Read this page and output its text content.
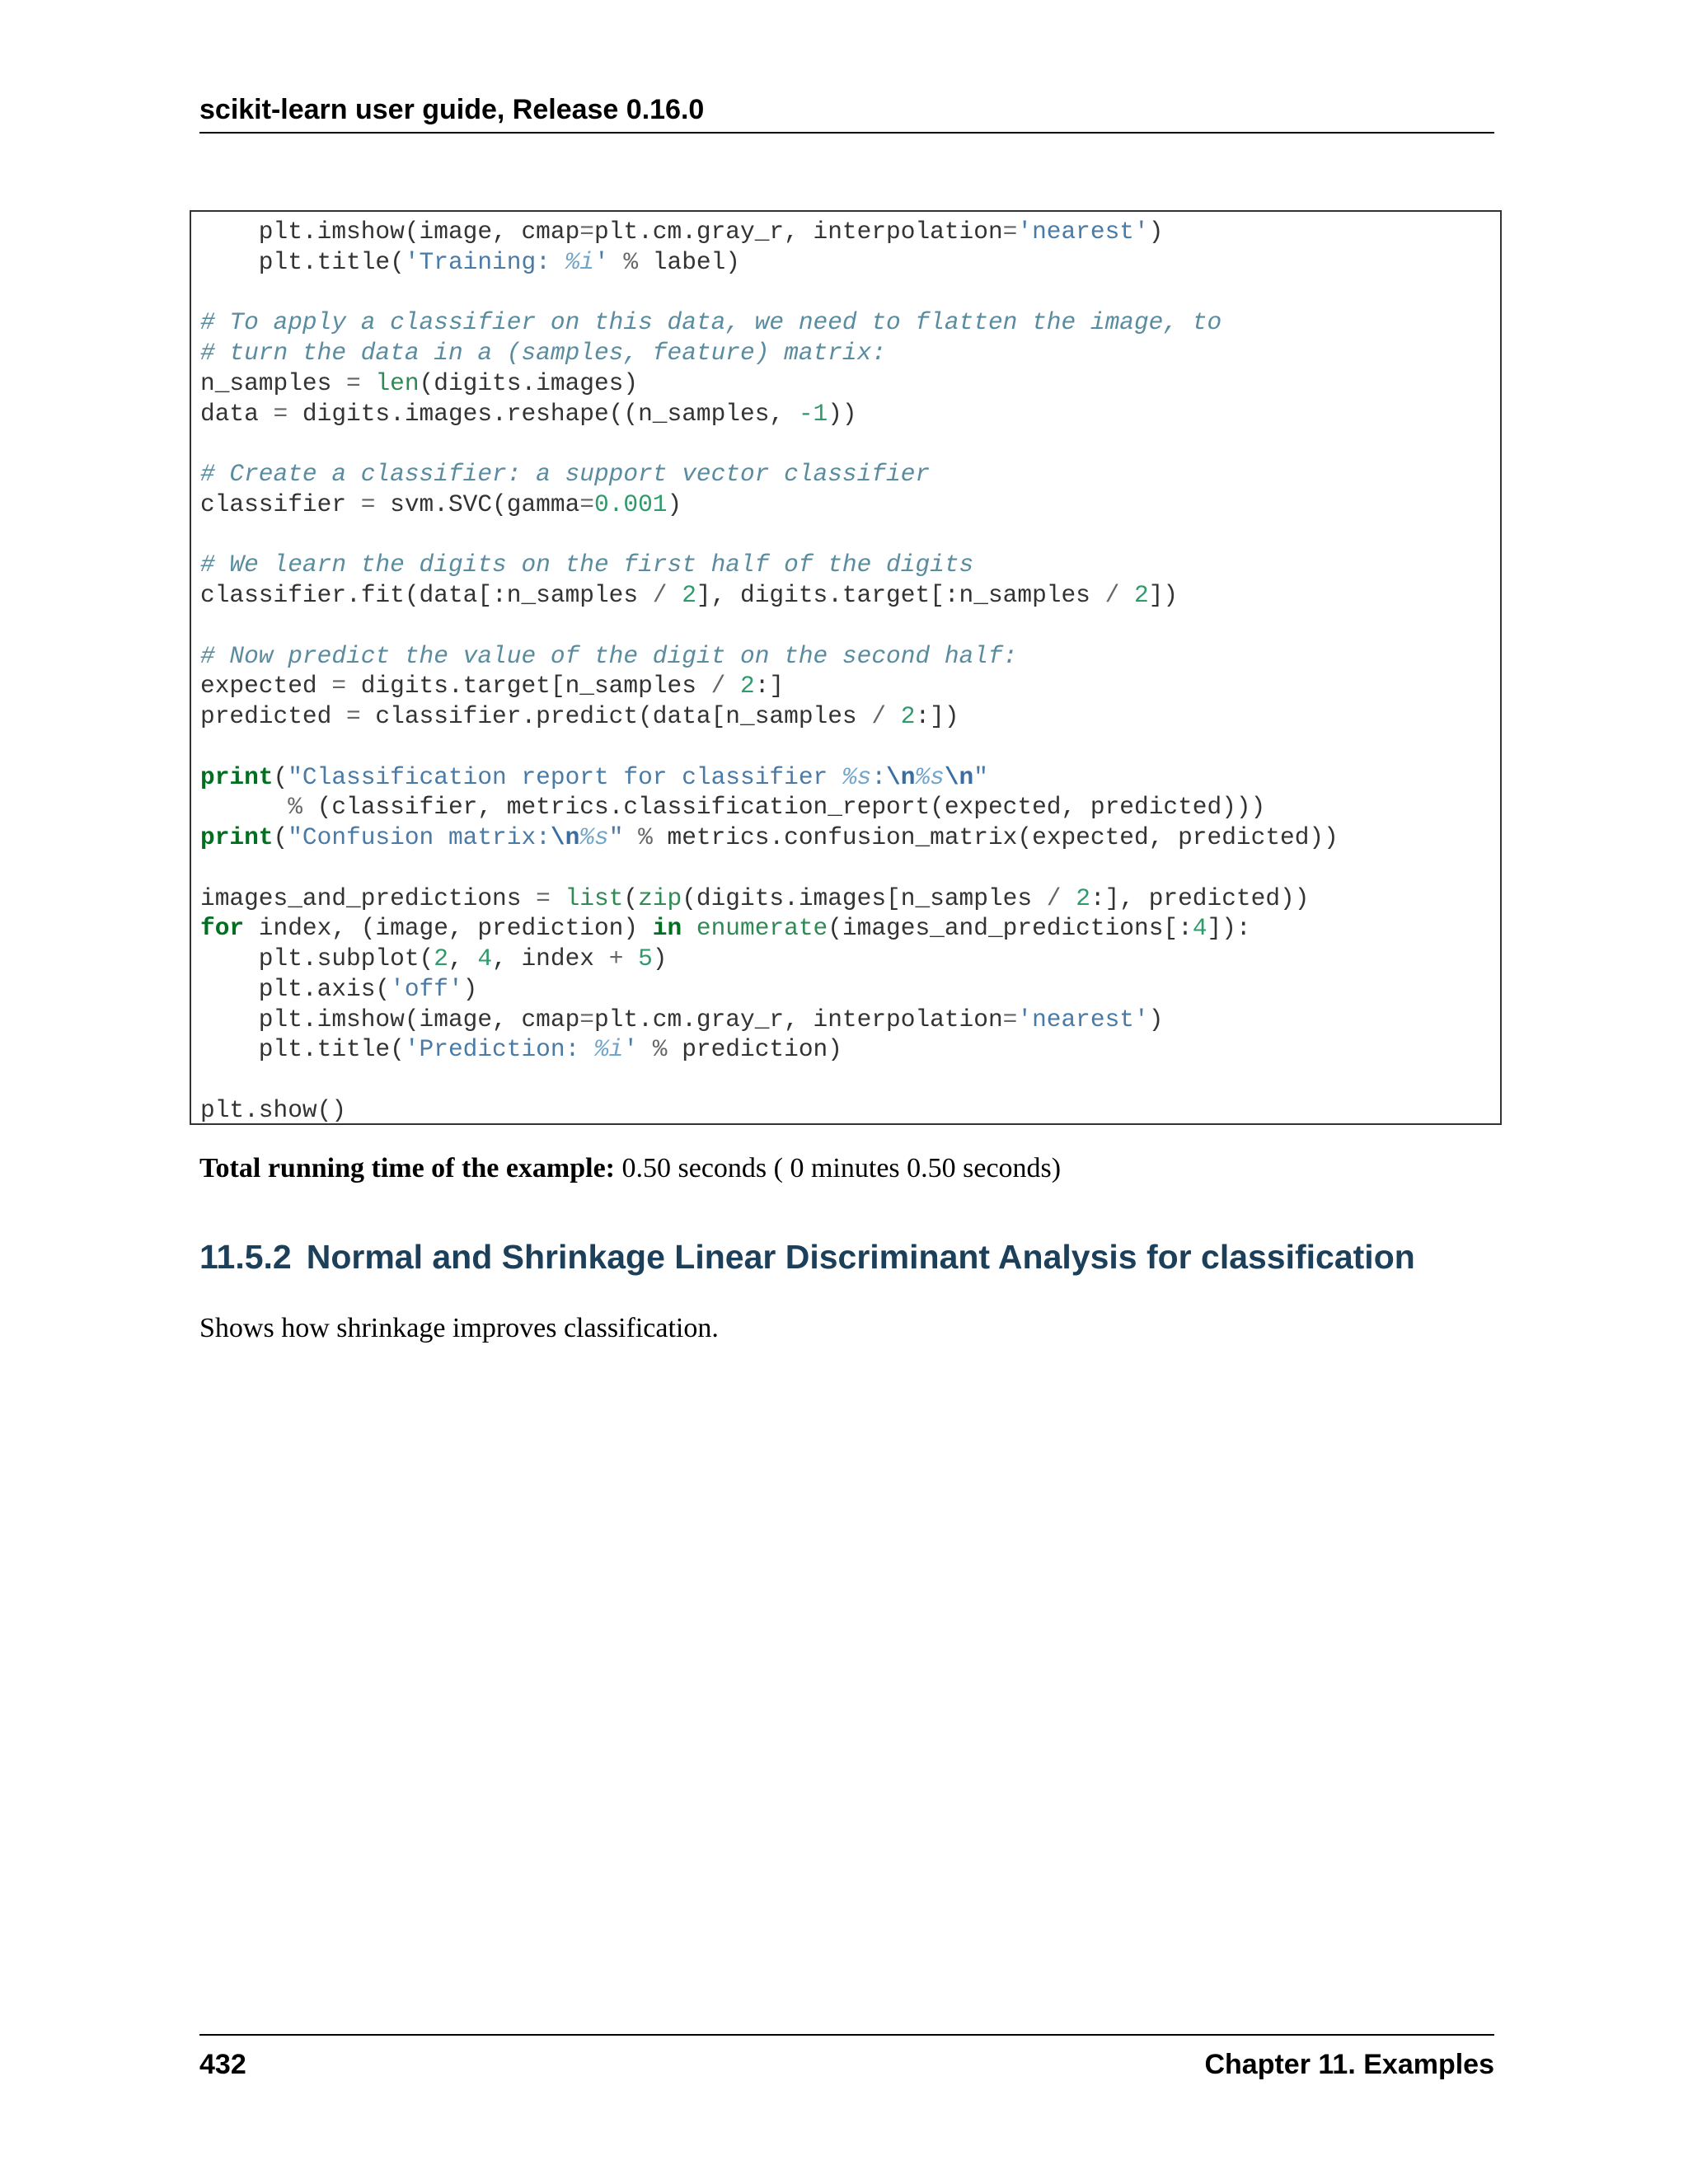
scikit-learn user guide, Release 0.16.0
plt.imshow(image, cmap=plt.cm.gray_r, interpolation='nearest')
plt.title('Training: %i' % label)

# To apply a classifier on this data, we need to flatten the image, to
# turn the data in a (samples, feature) matrix:
n_samples = len(digits.images)
data = digits.images.reshape((n_samples, -1))

# Create a classifier: a support vector classifier
classifier = svm.SVC(gamma=0.001)

# We learn the digits on the first half of the digits
classifier.fit(data[:n_samples / 2], digits.target[:n_samples / 2])

# Now predict the value of the digit on the second half:
expected = digits.target[n_samples / 2:]
predicted = classifier.predict(data[n_samples / 2:])

print("Classification report for classifier %s:\n%s\n"
% (classifier, metrics.classification_report(expected, predicted)))
print("Confusion matrix:\n%s" % metrics.confusion_matrix(expected, predicted))

images_and_predictions = list(zip(digits.images[n_samples / 2:], predicted))
for index, (image, prediction) in enumerate(images_and_predictions[:4]):
plt.subplot(2, 4, index + 5)
plt.axis('off')
plt.imshow(image, cmap=plt.cm.gray_r, interpolation='nearest')
plt.title('Prediction: %i' % prediction)

plt.show()
Total running time of the example: 0.50 seconds ( 0 minutes 0.50 seconds)
11.5.2 Normal and Shrinkage Linear Discriminant Analysis for classification
Shows how shrinkage improves classification.
432	Chapter 11. Examples
